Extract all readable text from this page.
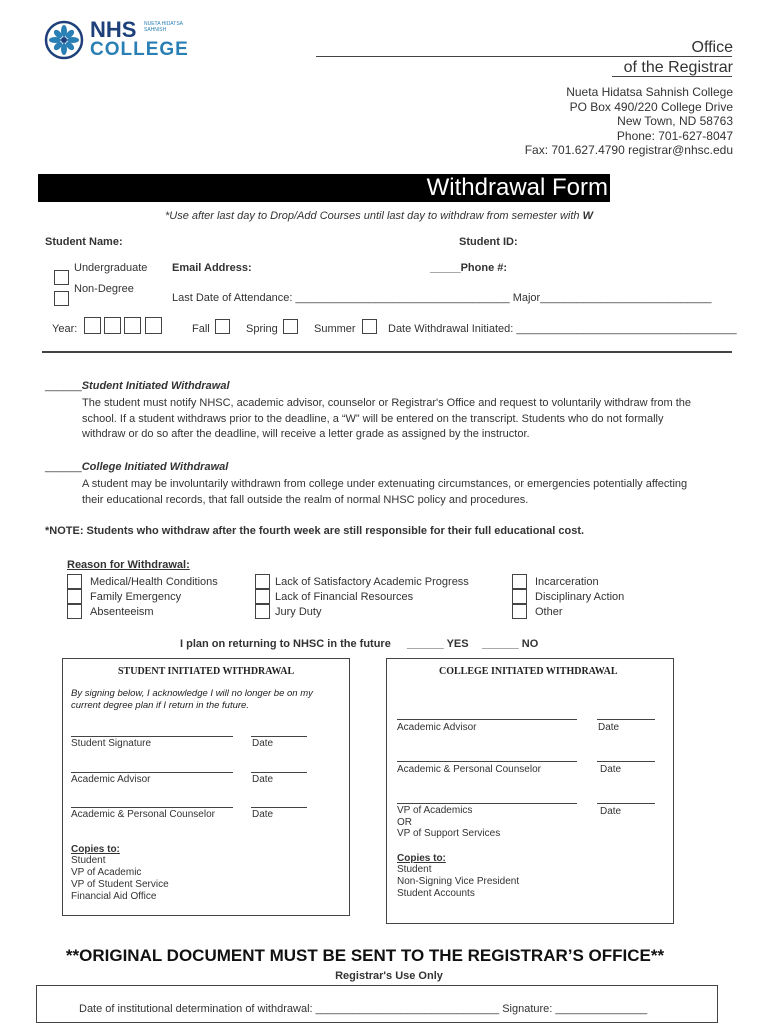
NHS NUETA HIDATSA SAHNISH
COLLEGE	Office
of the Registrar
Nueta Hidatsa Sahnish College
PO Box 490/220 College Drive
New Town, ND 58763
Phone: 701-627-8047
Fax: 701.627.4790 registrar@nhsc.edu
Withdrawal Form
*Use after last day to Drop/Add Courses until last day to withdraw from semester with W
Student Name:	Student ID:
Undergraduate
Non-Degree
Email Address:	_____Phone #:
Last Date of Attendance: ___________________________________ Major____________________________
Year:	Fall	Spring	Summer	Date Withdrawal Initiated: ____________________________________
______Student Initiated Withdrawal
The student must notify NHSC, academic advisor, counselor or Registrar's Office and request to voluntarily withdraw from the
school. If a student withdraws prior to the deadline, a “W” will be entered on the transcript. Students who do not formally
withdraw or do so after the deadline, will receive a letter grade as assigned by the instructor.
______College Initiated Withdrawal
A student may be involuntarily withdrawn from college under extenuating circumstances, or emergencies potentially affecting
their educational records, that fall outside the realm of normal NHSC policy and procedures.
*NOTE: Students who withdraw after the fourth week are still responsible for their full educational cost.
Reason for Withdrawal:
Medical/Health Conditions
Family Emergency
Absenteeism
Lack of Satisfactory Academic Progress
Lack of Financial Resources
Jury Duty
Incarceration
Disciplinary Action
Other
I plan on returning to NHSC in the future ______ YES ______ NO
STUDENT INITIATED WITHDRAWAL
By signing below, I acknowledge I will no longer be on my
current degree plan if I return in the future.
Student Signature	Date
Academic Advisor	Date
Academic & Personal Counselor	Date
Copies to:
Student
VP of Academic
VP of Student Service
Financial Aid Office
COLLEGE INITIATED WITHDRAWAL
Academic Advisor	Date
Academic & Personal Counselor	Date
VP of Academics
OR
VP of Support Services
Date
Copies to:
Student
Non-Signing Vice President
Student Accounts
**ORIGINAL DOCUMENT MUST BE SENT TO THE REGISTRAR’S OFFICE**
Registrar's Use Only
Date of institutional determination of withdrawal: ______________________________ Signature: _______________
